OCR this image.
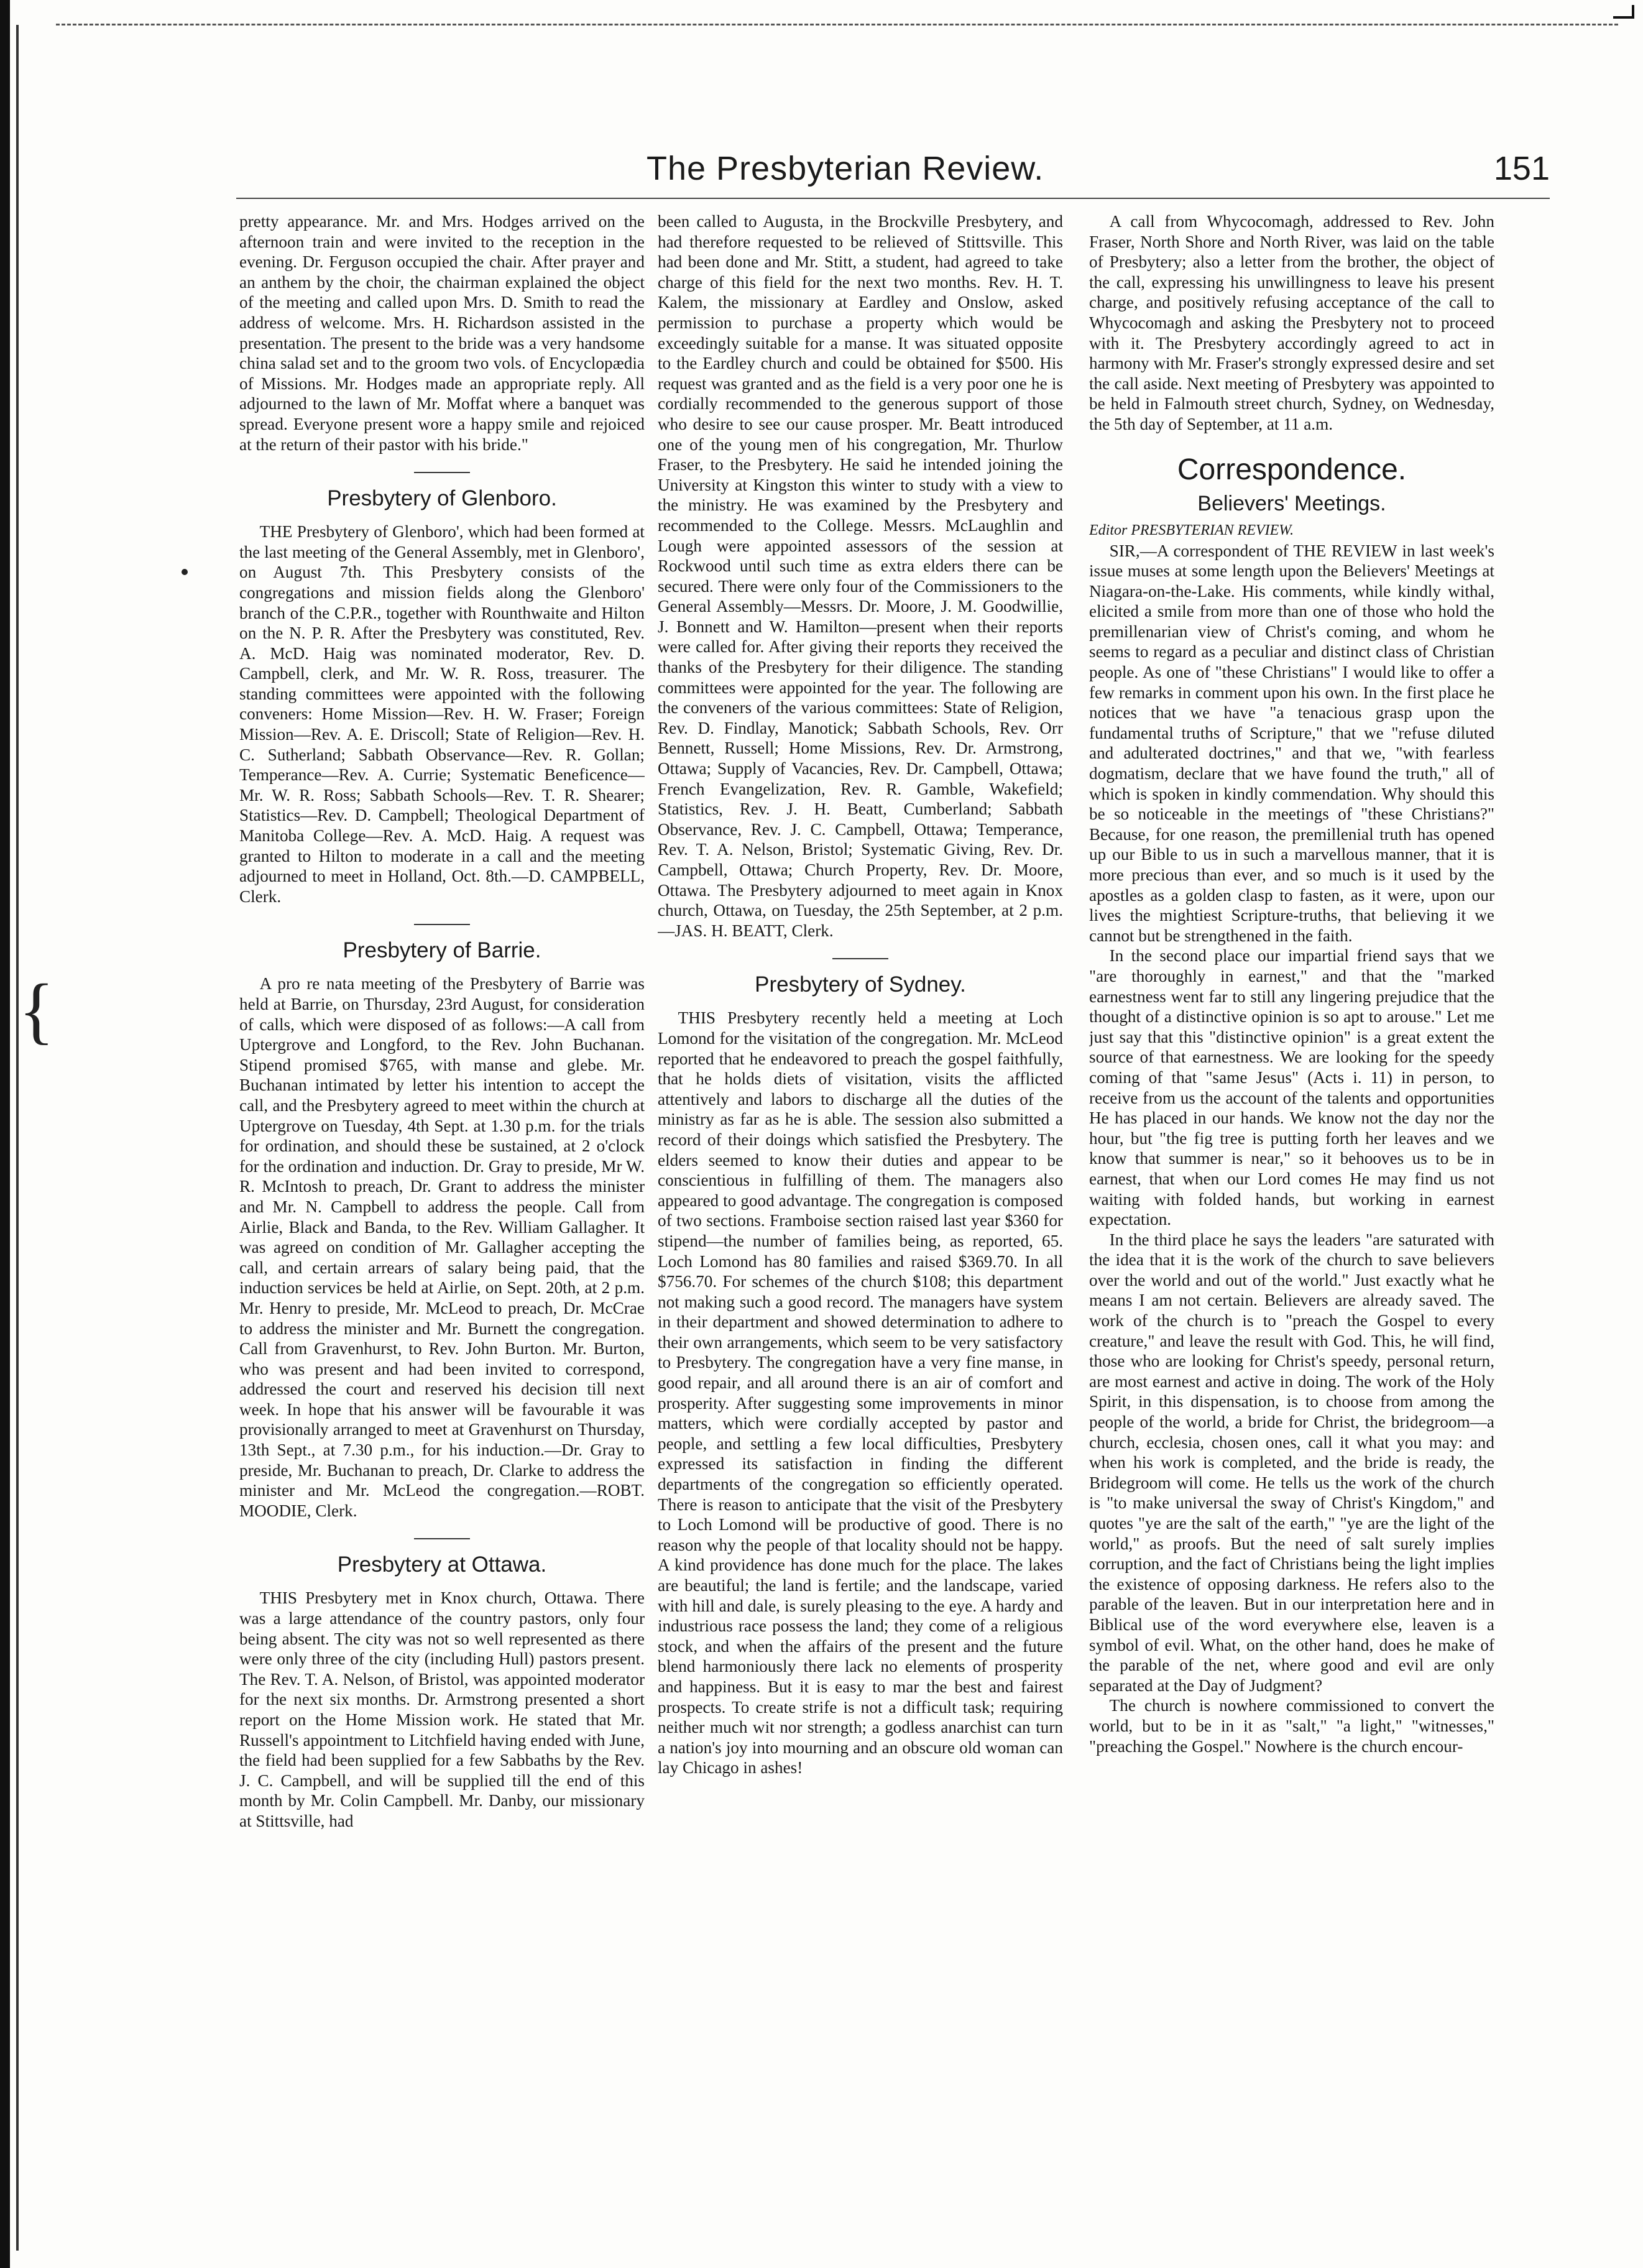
{
The Presbyterian Review.	151

pretty appearance. Mr. and Mrs. Hodges arrived on the afternoon train and were invited to the reception in the evening. Dr. Ferguson occupied the chair. After prayer and an anthem by the choir, the chairman explained the object of the meeting and called upon Mrs. D. Smith to read the address of welcome. Mrs. H. Richardson assisted in the presentation. The present to the bride was a very handsome china salad set and to the groom two vols. of Encyclopædia of Missions. Mr. Hodges made an appropriate reply. All adjourned to the lawn of Mr. Moffat where a banquet was spread. Everyone present wore a happy smile and rejoiced at the return of their pastor with his bride."

Presbytery of Glenboro.

THE Presbytery of Glenboro', which had been formed at the last meeting of the General Assembly, met in Glenboro', on August 7th. This Presbytery consists of the congregations and mission fields along the Glenboro' branch of the C.P.R., together with Rounthwaite and Hilton on the N. P. R. After the Presbytery was constituted, Rev. A. McD. Haig was nominated moderator, Rev. D. Campbell, clerk, and Mr. W. R. Ross, treasurer. The standing committees were appointed with the following conveners: Home Mission—Rev. H. W. Fraser; Foreign Mission—Rev. A. E. Driscoll; State of Religion—Rev. H. C. Sutherland; Sabbath Observance—Rev. R. Gollan; Temperance—Rev. A. Currie; Systematic Beneficence—Mr. W. R. Ross; Sabbath Schools—Rev. T. R. Shearer; Statistics—Rev. D. Campbell; Theological Department of Manitoba College—Rev. A. McD. Haig. A request was granted to Hilton to moderate in a call and the meeting adjourned to meet in Holland, Oct. 8th.—D. CAMPBELL, Clerk.

Presbytery of Barrie.

A pro re nata meeting of the Presbytery of Barrie was held at Barrie, on Thursday, 23rd August, for consideration of calls, which were disposed of as follows:—A call from Uptergrove and Longford, to the Rev. John Buchanan. Stipend promised $765, with manse and glebe. Mr. Buchanan intimated by letter his intention to accept the call, and the Presbytery agreed to meet within the church at Uptergrove on Tuesday, 4th Sept. at 1.30 p.m. for the trials for ordination, and should these be sustained, at 2 o'clock for the ordination and induction. Dr. Gray to preside, Mr W. R. McIntosh to preach, Dr. Grant to address the minister and Mr. N. Campbell to address the people. Call from Airlie, Black and Banda, to the Rev. William Gallagher. It was agreed on condition of Mr. Gallagher accepting the call, and certain arrears of salary being paid, that the induction services be held at Airlie, on Sept. 20th, at 2 p.m. Mr. Henry to preside, Mr. McLeod to preach, Dr. McCrae to address the minister and Mr. Burnett the congregation. Call from Gravenhurst, to Rev. John Burton. Mr. Burton, who was present and had been invited to correspond, addressed the court and reserved his decision till next week. In hope that his answer will be favourable it was provisionally arranged to meet at Gravenhurst on Thursday, 13th Sept., at 7.30 p.m., for his induction.—Dr. Gray to preside, Mr. Buchanan to preach, Dr. Clarke to address the minister and Mr. McLeod the congregation.—ROBT. MOODIE, Clerk.

Presbytery at Ottawa.

THIS Presbytery met in Knox church, Ottawa. There was a large attendance of the country pastors, only four being absent. The city was not so well represented as there were only three of the city (including Hull) pastors present. The Rev. T. A. Nelson, of Bristol, was appointed moderator for the next six months. Dr. Armstrong presented a short report on the Home Mission work. He stated that Mr. Russell's appointment to Litchfield having ended with June, the field had been supplied for a few Sabbaths by the Rev. J. C. Campbell, and will be supplied till the end of this month by Mr. Colin Campbell. Mr. Danby, our missionary at Stittsville, had

been called to Augusta, in the Brockville Presbytery, and had therefore requested to be relieved of Stittsville. This had been done and Mr. Stitt, a student, had agreed to take charge of this field for the next two months. Rev. H. T. Kalem, the missionary at Eardley and Onslow, asked permission to purchase a property which would be exceedingly suitable for a manse. It was situated opposite to the Eardley church and could be obtained for $500. His request was granted and as the field is a very poor one he is cordially recommended to the generous support of those who desire to see our cause prosper. Mr. Beatt introduced one of the young men of his congregation, Mr. Thurlow Fraser, to the Presbytery. He said he intended joining the University at Kingston this winter to study with a view to the ministry. He was examined by the Presbytery and recommended to the College. Messrs. McLaughlin and Lough were appointed assessors of the session at Rockwood until such time as extra elders there can be secured. There were only four of the Commissioners to the General Assembly—Messrs. Dr. Moore, J. M. Goodwillie, J. Bonnett and W. Hamilton—present when their reports were called for. After giving their reports they received the thanks of the Presbytery for their diligence. The standing committees were appointed for the year. The following are the conveners of the various committees: State of Religion, Rev. D. Findlay, Manotick; Sabbath Schools, Rev. Orr Bennett, Russell; Home Missions, Rev. Dr. Armstrong, Ottawa; Supply of Vacancies, Rev. Dr. Campbell, Ottawa; French Evangelization, Rev. R. Gamble, Wakefield; Statistics, Rev. J. H. Beatt, Cumberland; Sabbath Observance, Rev. J. C. Campbell, Ottawa; Temperance, Rev. T. A. Nelson, Bristol; Systematic Giving, Rev. Dr. Campbell, Ottawa; Church Property, Rev. Dr. Moore, Ottawa. The Presbytery adjourned to meet again in Knox church, Ottawa, on Tuesday, the 25th September, at 2 p.m.—JAS. H. BEATT, Clerk.

Presbytery of Sydney.

THIS Presbytery recently held a meeting at Loch Lomond for the visitation of the congregation. Mr. McLeod reported that he endeavored to preach the gospel faithfully, that he holds diets of visitation, visits the afflicted attentively and labors to discharge all the duties of the ministry as far as he is able. The session also submitted a record of their doings which satisfied the Presbytery. The elders seemed to know their duties and appear to be conscientious in fulfilling of them. The managers also appeared to good advantage. The congregation is composed of two sections. Framboise section raised last year $360 for stipend—the number of families being, as reported, 65. Loch Lomond has 80 families and raised $369.70. In all $756.70. For schemes of the church $108; this department not making such a good record. The managers have system in their department and showed determination to adhere to their own arrangements, which seem to be very satisfactory to Presbytery. The congregation have a very fine manse, in good repair, and all around there is an air of comfort and prosperity. After suggesting some improvements in minor matters, which were cordially accepted by pastor and people, and settling a few local difficulties, Presbytery expressed its satisfaction in finding the different departments of the congregation so efficiently operated. There is reason to anticipate that the visit of the Presbytery to Loch Lomond will be productive of good. There is no reason why the people of that locality should not be happy. A kind providence has done much for the place. The lakes are beautiful; the land is fertile; and the landscape, varied with hill and dale, is surely pleasing to the eye. A hardy and industrious race possess the land; they come of a religious stock, and when the affairs of the present and the future blend harmoniously there lack no elements of prosperity and happiness. But it is easy to mar the best and fairest prospects. To create strife is not a difficult task; requiring neither much wit nor strength; a godless anarchist can turn a nation's joy into mourning and an obscure old woman can lay Chicago in ashes!

A call from Whycocomagh, addressed to Rev. John Fraser, North Shore and North River, was laid on the table of Presbytery; also a letter from the brother, the object of the call, expressing his unwillingness to leave his present charge, and positively refusing acceptance of the call to Whycocomagh and asking the Presbytery not to proceed with it. The Presbytery accordingly agreed to act in harmony with Mr. Fraser's strongly expressed desire and set the call aside. Next meeting of Presbytery was appointed to be held in Falmouth street church, Sydney, on Wednesday, the 5th day of September, at 11 a.m.

Correspondence.
Believers' Meetings.

Editor PRESBYTERIAN REVIEW.

SIR,—A correspondent of THE REVIEW in last week's issue muses at some length upon the Believers' Meetings at Niagara-on-the-Lake. His comments, while kindly withal, elicited a smile from more than one of those who hold the premillenarian view of Christ's coming, and whom he seems to regard as a peculiar and distinct class of Christian people. As one of "these Christians" I would like to offer a few remarks in comment upon his own. In the first place he notices that we have "a tenacious grasp upon the fundamental truths of Scripture," that we "refuse diluted and adulterated doctrines," and that we, "with fearless dogmatism, declare that we have found the truth," all of which is spoken in kindly commendation. Why should this be so noticeable in the meetings of "these Christians?" Because, for one reason, the premillenial truth has opened up our Bible to us in such a marvellous manner, that it is more precious than ever, and so much is it used by the apostles as a golden clasp to fasten, as it were, upon our lives the mightiest Scripture-truths, that believing it we cannot but be strengthened in the faith.

In the second place our impartial friend says that we "are thoroughly in earnest," and that the "marked earnestness went far to still any lingering prejudice that the thought of a distinctive opinion is so apt to arouse." Let me just say that this "distinctive opinion" is a great extent the source of that earnestness. We are looking for the speedy coming of that "same Jesus" (Acts i. 11) in person, to receive from us the account of the talents and opportunities He has placed in our hands. We know not the day nor the hour, but "the fig tree is putting forth her leaves and we know that summer is near," so it behooves us to be in earnest, that when our Lord comes He may find us not waiting with folded hands, but working in earnest expectation.

In the third place he says the leaders "are saturated with the idea that it is the work of the church to save believers over the world and out of the world." Just exactly what he means I am not certain. Believers are already saved. The work of the church is to "preach the Gospel to every creature," and leave the result with God. This, he will find, those who are looking for Christ's speedy, personal return, are most earnest and active in doing. The work of the Holy Spirit, in this dispensation, is to choose from among the people of the world, a bride for Christ, the bridegroom—a church, ecclesia, chosen ones, call it what you may: and when his work is completed, and the bride is ready, the Bridegroom will come. He tells us the work of the church is "to make universal the sway of Christ's Kingdom," and quotes "ye are the salt of the earth," "ye are the light of the world," as proofs. But the need of salt surely implies corruption, and the fact of Christians being the light implies the existence of opposing darkness. He refers also to the parable of the leaven. But in our interpretation here and in Biblical use of the word everywhere else, leaven is a symbol of evil. What, on the other hand, does he make of the parable of the net, where good and evil are only separated at the Day of Judgment?

The church is nowhere commissioned to convert the world, but to be in it as "salt," "a light," "witnesses," "preaching the Gospel." Nowhere is the church encour-
